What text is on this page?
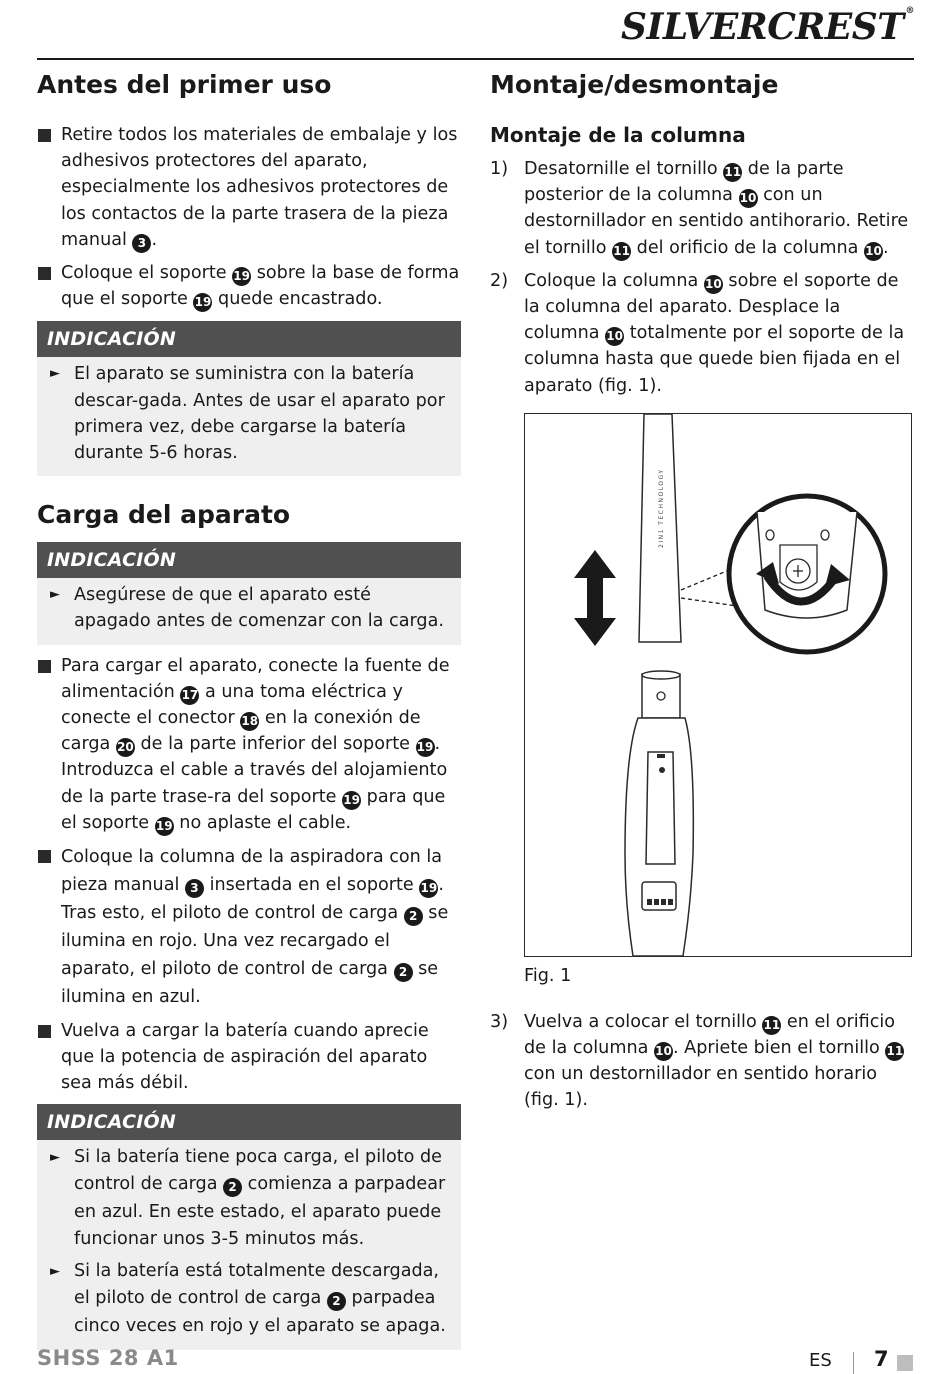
SILVERCREST ®
Antes del primer uso
Retire todos los materiales de embalaje y los adhesivos protectores del aparato, especialmente los adhesivos protectores de los contactos de la parte trasera de la pieza manual 3 .
Coloque el soporte 19 sobre la base de forma que el soporte 19 quede encastrado.
INDICACIÓN
► El aparato se suministra con la batería descar-gada. Antes de usar el aparato por primera vez, debe cargarse la batería durante 5-6 horas.
Carga del aparato
INDICACIÓN
► Asegúrese de que el aparato esté apagado antes de comenzar con la carga.
Para cargar el aparato, conecte la fuente de alimentación 17 a una toma eléctrica y conecte el conector 18 en la conexión de carga 20 de la parte inferior del soporte 19. Introduzca el cable a través del alojamiento de la parte trase-ra del soporte 19 para que el soporte 19 no aplaste el cable.
Coloque la columna de la aspiradora con la pieza manual 3 insertada en el soporte 19. Tras esto, el piloto de control de carga 2 se ilumina en rojo. Una vez recargado el aparato, el piloto de control de carga 2 se ilumina en azul.
Vuelva a cargar la batería cuando aprecie que la potencia de aspiración del aparato sea más débil.
INDICACIÓN
► Si la batería tiene poca carga, el piloto de control de carga 2 comienza a parpadear en azul. En este estado, el aparato puede funcionar unos 3-5 minutos más.
► Si la batería está totalmente descargada, el piloto de control de carga 2 parpadea cinco veces en rojo y el aparato se apaga.
Montaje/desmontaje
Montaje de la columna
1) Desatornille el tornillo 11 de la parte posterior de la columna 10 con un destornillador en sentido antihorario. Retire el tornillo 11 del orificio de la columna 10.
2) Coloque la columna 10 sobre el soporte de la columna del aparato. Desplace la columna 10 totalmente por el soporte de la columna hasta que quede bien fijada en el aparato (fig. 1).
2IN1 TECHNOLOGY
Fig. 1
3) Vuelva a colocar el tornillo 11 en el orificio de la columna 10. Apriete bien el tornillo 11 con un destornillador en sentido horario (fig. 1).
SHSS 28 A1	ES 7
